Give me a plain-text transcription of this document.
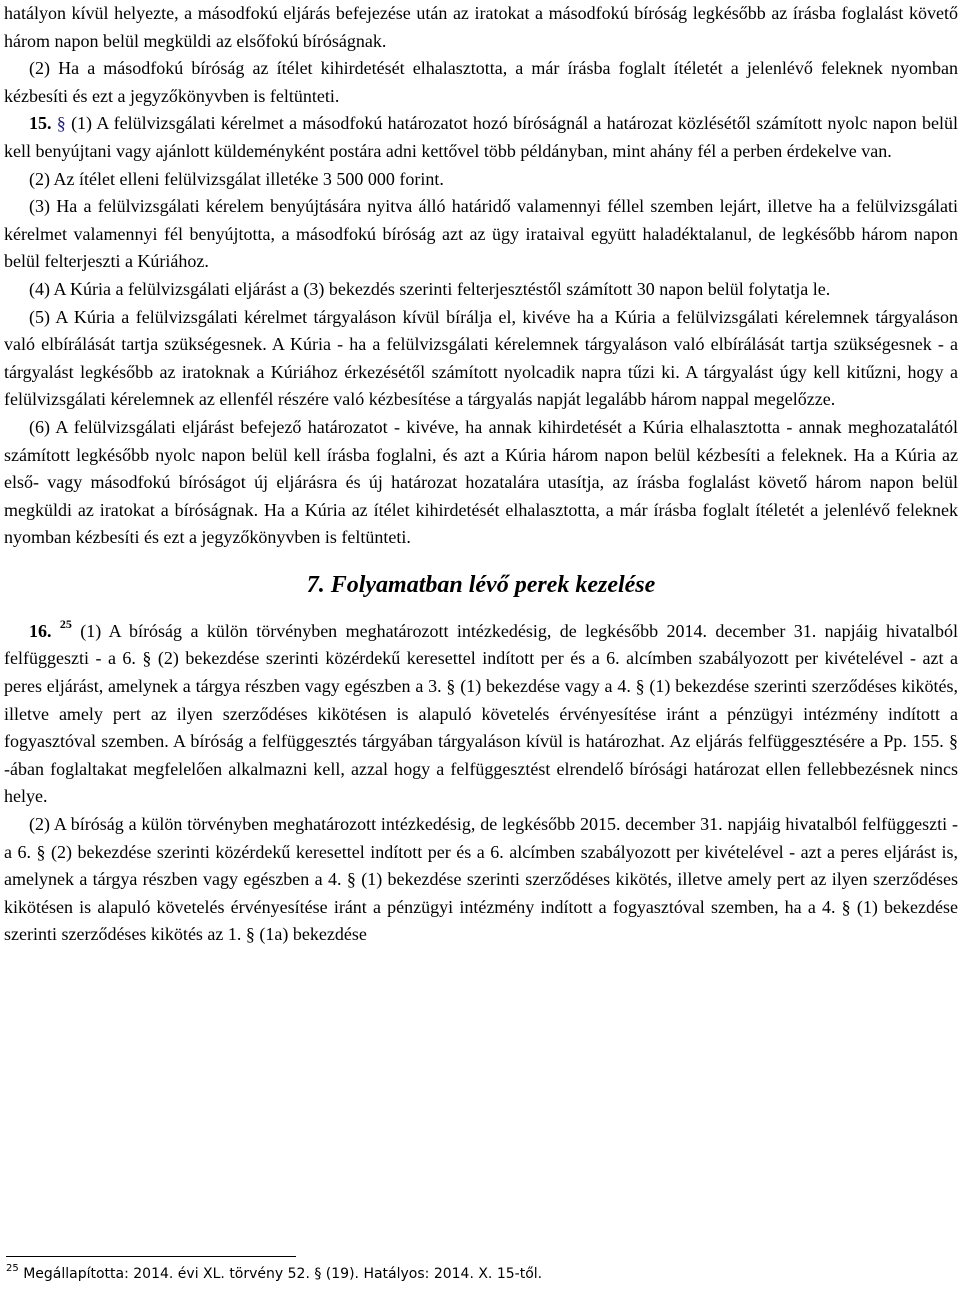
hatályon kívül helyezte, a másodfokú eljárás befejezése után az iratokat a másodfokú bíróság legkésőbb az írásba foglalást követő három napon belül megküldi az elsőfokú bíróságnak.

(2) Ha a másodfokú bíróság az ítélet kihirdetését elhalasztotta, a már írásba foglalt ítéletét a jelenlévő feleknek nyomban kézbesíti és ezt a jegyzőkönyvben is feltünteti.

15. § (1) A felülvizsgálati kérelmet a másodfokú határozatot hozó bíróságnál a határozat közlésétől számított nyolc napon belül kell benyújtani vagy ajánlott küldeményként postára adni kettővel több példányban, mint ahány fél a perben érdekelve van.

(2) Az ítélet elleni felülvizsgálat illetéke 3 500 000 forint.

(3) Ha a felülvizsgálati kérelem benyújtására nyitva álló határidő valamennyi féllel szemben lejárt, illetve ha a felülvizsgálati kérelmet valamennyi fél benyújtotta, a másodfokú bíróság azt az ügy irataival együtt haladéktalanul, de legkésőbb három napon belül felterjeszti a Kúriához.

(4) A Kúria a felülvizsgálati eljárást a (3) bekezdés szerinti felterjesztéstől számított 30 napon belül folytatja le.

(5) A Kúria a felülvizsgálati kérelmet tárgyaláson kívül bírálja el, kivéve ha a Kúria a felülvizsgálati kérelemnek tárgyaláson való elbírálását tartja szükségesnek. A Kúria - ha a felülvizsgálati kérelemnek tárgyaláson való elbírálását tartja szükségesnek - a tárgyalást legkésőbb az iratoknak a Kúriához érkezésétől számított nyolcadik napra tűzi ki. A tárgyalást úgy kell kitűzni, hogy a felülvizsgálati kérelemnek az ellenfél részére való kézbesítése a tárgyalás napját legalább három nappal megelőzze.

(6) A felülvizsgálati eljárást befejező határozatot - kivéve, ha annak kihirdetését a Kúria elhalasztotta - annak meghozatalától számított legkésőbb nyolc napon belül kell írásba foglalni, és azt a Kúria három napon belül kézbesíti a feleknek. Ha a Kúria az első- vagy másodfokú bíróságot új eljárásra és új határozat hozatalára utasítja, az írásba foglalást követő három napon belül megküldi az iratokat a bíróságnak. Ha a Kúria az ítélet kihirdetését elhalasztotta, a már írásba foglalt ítéletét a jelenlévő feleknek nyomban kézbesíti és ezt a jegyzőkönyvben is feltünteti.

7. Folyamatban lévő perek kezelése

16. $^{25}$ (1) A bíróság a külön törvényben meghatározott intézkedésig, de legkésőbb 2014. december 31. napjáig hivatalból felfüggeszti - a 6. § (2) bekezdése szerinti közérdekű keresettel indított per és a 6. alcímben szabályozott per kivételével - azt a peres eljárást, amelynek a tárgya részben vagy egészben a 3. § (1) bekezdése vagy a 4. § (1) bekezdése szerinti szerződéses kikötés, illetve amely pert az ilyen szerződéses kikötésen is alapuló követelés érvényesítése iránt a pénzügyi intézmény indított a fogyasztóval szemben. A bíróság a felfüggesztés tárgyában tárgyaláson kívül is határozhat. Az eljárás felfüggesztésére a Pp. 155. § -ában foglaltakat megfelelően alkalmazni kell, azzal hogy a felfüggesztést elrendelő bírósági határozat ellen fellebbezésnek nincs helye.

(2) A bíróság a külön törvényben meghatározott intézkedésig, de legkésőbb 2015. december 31. napjáig hivatalból felfüggeszti - a 6. § (2) bekezdése szerinti közérdekű keresettel indított per és a 6. alcímben szabályozott per kivételével - azt a peres eljárást is, amelynek a tárgya részben vagy egészben a 4. § (1) bekezdése szerinti szerződéses kikötés, illetve amely pert az ilyen szerződéses kikötésen is alapuló követelés érvényesítése iránt a pénzügyi intézmény indított a fogyasztóval szemben, ha a 4. § (1) bekezdése szerinti szerződéses kikötés az 1. § (1a) bekezdése

$^{25}$ Megállapította: 2014. évi XL. törvény 52. § (19). Hatályos: 2014. X. 15-től.
